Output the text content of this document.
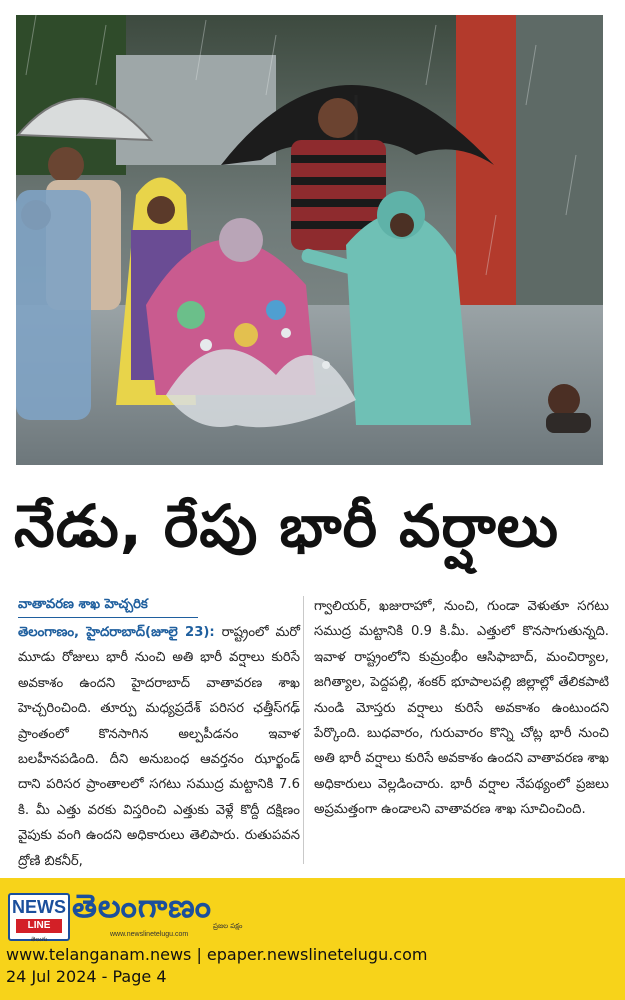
నేడు, రేపు భారీ వర్షాలు
వాతావరణ శాఖ హెచ్చరిక
తెలంగాణం, హైదరాబాద్(జూలై 23): రాష్ట్రంలో మరో మూడు రోజులు భారీ నుంచి అతి భారీ వర్షాలు కురిసే అవకాశం ఉందని హైదరాబాద్ వాతావరణ శాఖ హెచ్చరించింది. తూర్పు మధ్యప్రదేశ్ పరిసర ఛత్తీస్‌గఢ్ ప్రాంతంలో కొనసాగిన అల్పపీడనం ఇవాళ బలహీనపడింది. దీని అనుబంధ ఆవర్తనం ఝార్ఖండ్ దాని పరిసర ప్రాంతాలలో సగటు సముద్ర మట్టానికి 7.6 కి. మీ ఎత్తు వరకు విస్తరించి ఎత్తుకు వెళ్లే కొద్దీ దక్షిణం వైపుకు వంగి ఉందని అధికారులు తెలిపారు. రుతుపవన ద్రోణి బికనీర్,
గ్వాలియర్, ఖజురాహో, నుంచి, గుండా వెళుతూ సగటు సముద్ర మట్టానికి 0.9 కి.మీ. ఎత్తులో కొనసాగుతున్నది. ఇవాళ రాష్ట్రంలోని కుమ్రంభీం ఆసిఫాబాద్, మంచిర్యాల, జగిత్యాల, పెద్దపల్లి, శంకర్ భూపాలపల్లి జిల్లాల్లో తేలికపాటి నుండి మోస్తరు వర్షాలు కురిసే అవకాశం ఉంటుందని పేర్కొంది. బుధవారం, గురువారం కొన్ని చోట్ల భారీ నుంచి అతి భారీ వర్షాలు కురిసే అవకాశం ఉందని వాతావరణ శాఖ అధికారులు వెల్లడించారు. భారీ వర్షాల నేపథ్యంలో ప్రజలు అప్రమత్తంగా ఉండాలని వాతావరణ శాఖ సూచించింది.
NEWS
LINE
తెలుగు
తెలంగాణం
ప్రజల పక్షం
www.newslinetelugu.com
www.telanganam.news | epaper.newslinetelugu.com
24 Jul 2024 - Page 4
